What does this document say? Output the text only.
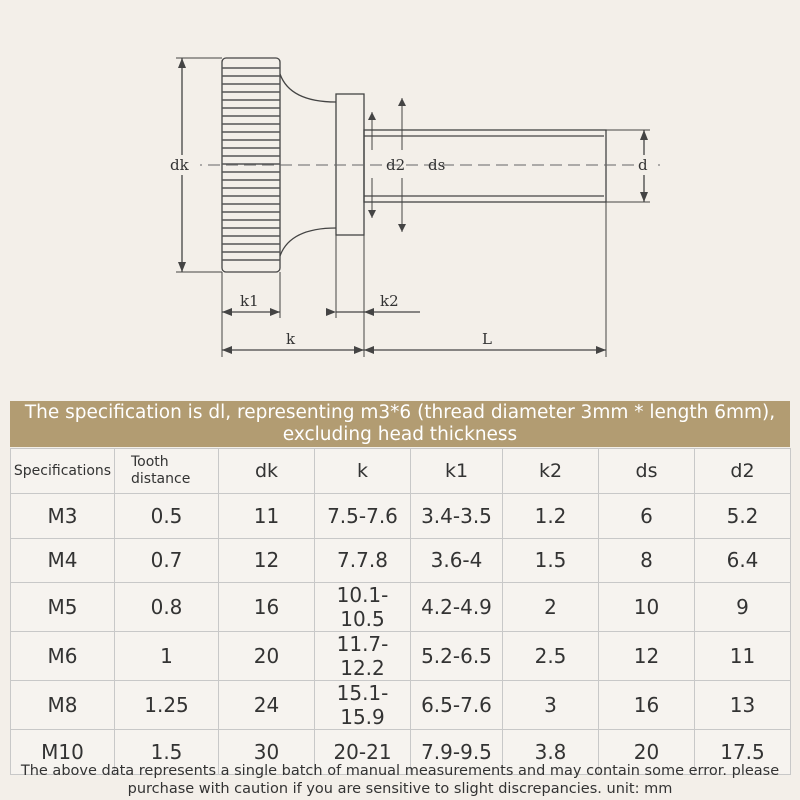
dk	d2 ds	d
k1	k2
k	L
The specification is dl, representing m3*6 (thread diameter 3mm * length 6mm), excluding head thickness
Specifications	Tooth distance	dk	k	k1	k2	ds	d2
M3	0.5	11	7.5-7.6	3.4-3.5	1.2	6	5.2
M4	0.7	12	7.7.8	3.6-4	1.5	8	6.4
M5	0.8	16	10.1-10.5	4.2-4.9	2	10	9
M6	1	20	11.7-12.2	5.2-6.5	2.5	12	11
M8	1.25	24	15.1-15.9	6.5-7.6	3	16	13
M10	1.5	30	20-21	7.9-9.5	3.8	20	17.5
The above data represents a single batch of manual measurements and may contain some error. please purchase with caution if you are sensitive to slight discrepancies. unit: mm
